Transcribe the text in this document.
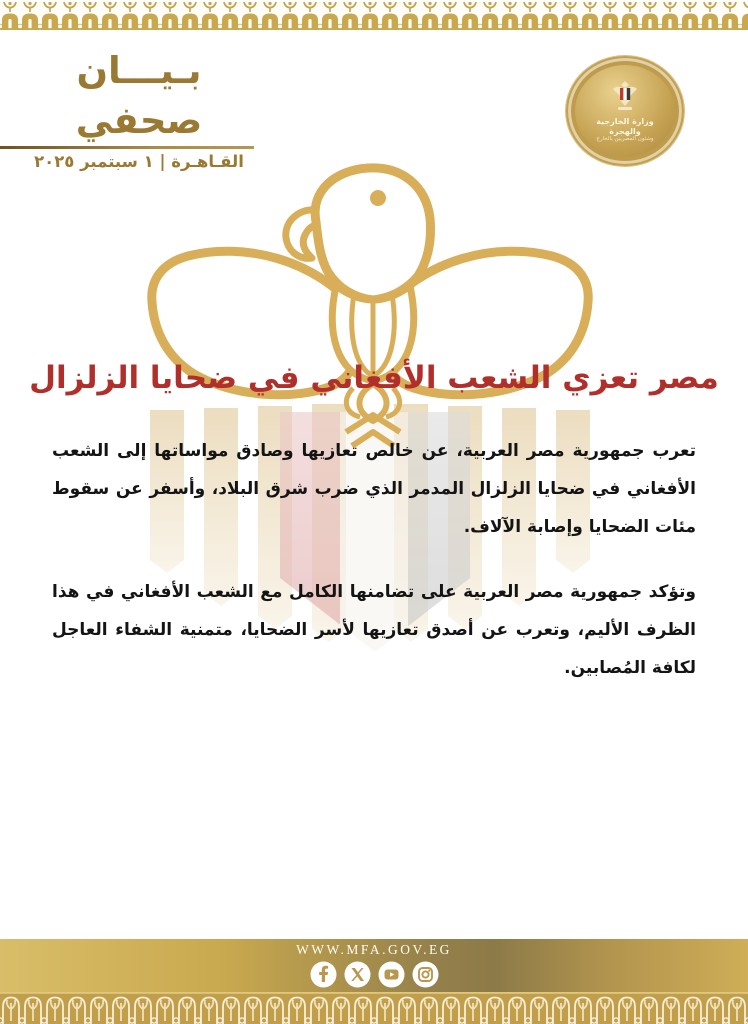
بـيـــان صحفي
القـاهـرة | ١ سبتمبر ٢٠٢٥
وزارة الخارجية والهجرة
وشئون المصريين بالخارج
مصر تعزي الشعب الأفغاني في ضحايا الزلزال

تعرب جمهورية مصر العربية، عن خالص تعازيها وصادق مواساتها إلى الشعب الأفغاني في ضحايا الزلزال المدمر الذي ضرب شرق البلاد، وأسفر عن سقوط مئات الضحايا وإصابة الآلاف.

وتؤكد جمهورية مصر العربية على تضامنها الكامل مع الشعب الأفغاني في هذا الظرف الأليم، وتعرب عن أصدق تعازيها لأسر الضحايا، متمنية الشفاء العاجل لكافة المُصابين.

WWW.MFA.GOV.EG
